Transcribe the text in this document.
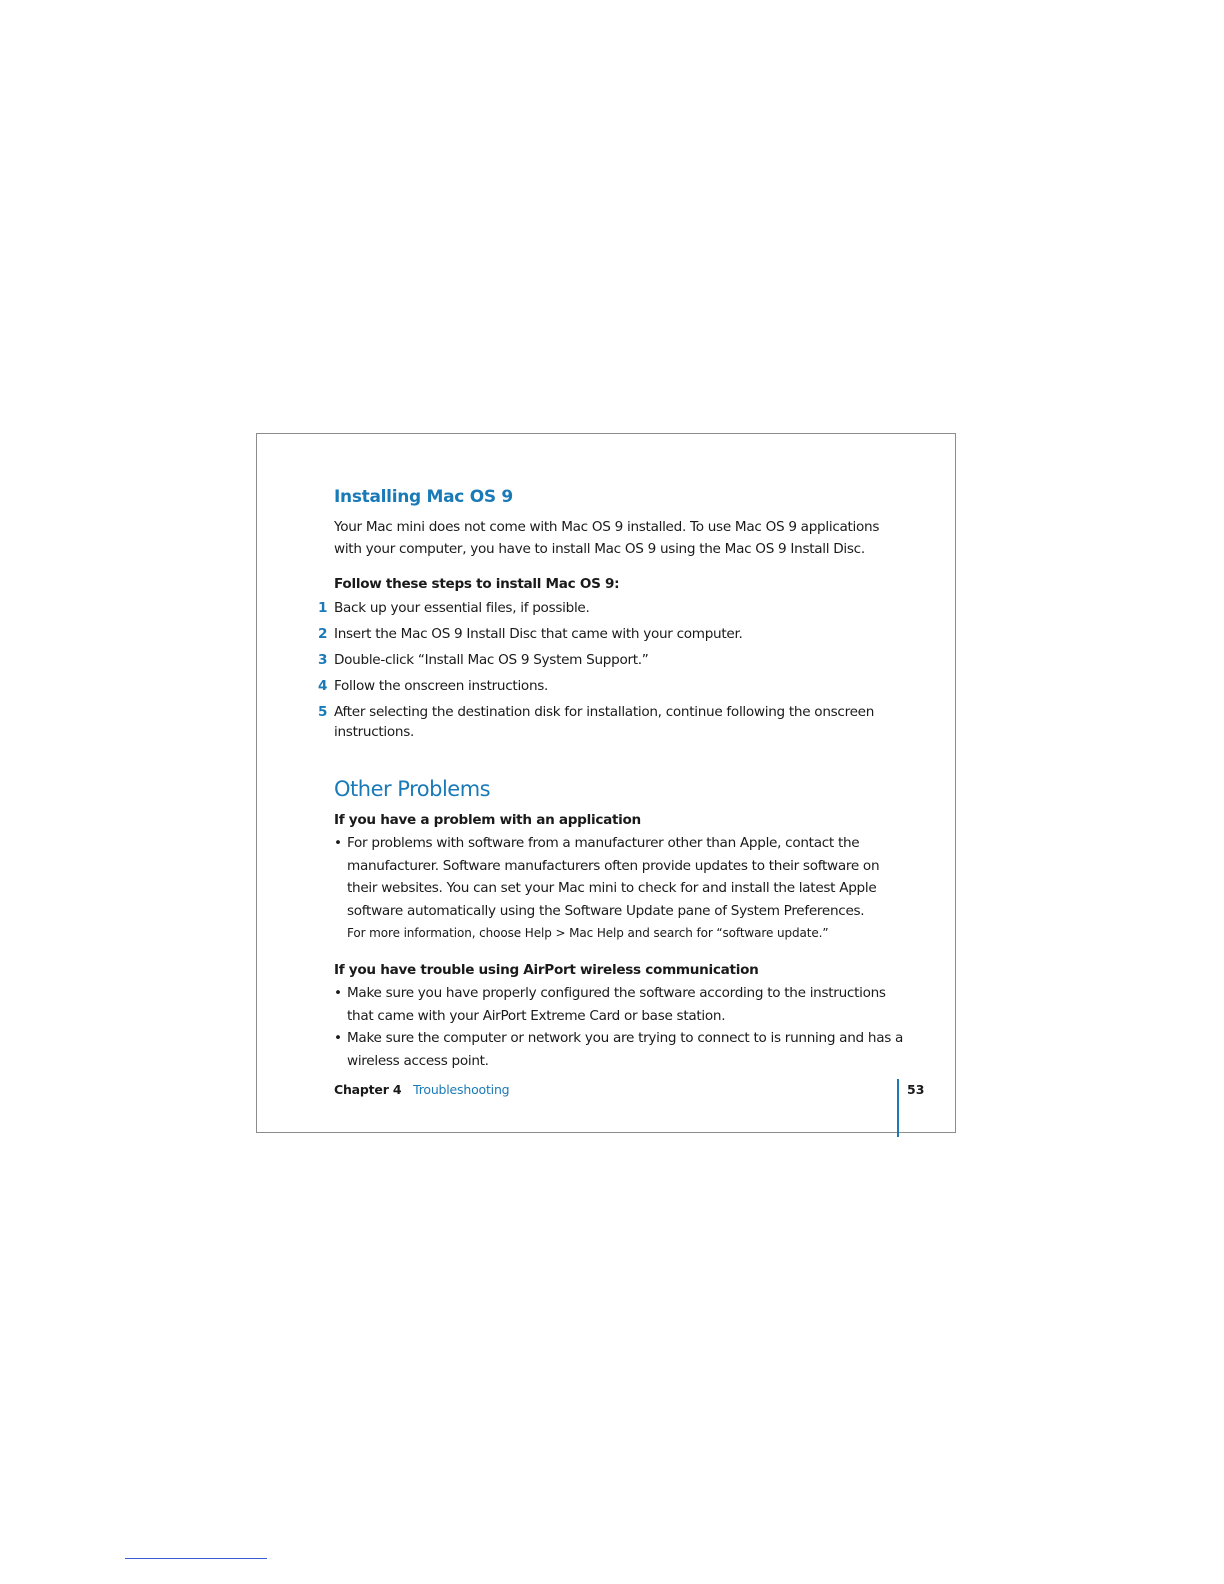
Installing Mac OS 9

Your Mac mini does not come with Mac OS 9 installed. To use Mac OS 9 applications with your computer, you have to install Mac OS 9 using the Mac OS 9 Install Disc.

Follow these steps to install Mac OS 9:

1 Back up your essential files, if possible.
2 Insert the Mac OS 9 Install Disc that came with your computer.
3 Double-click “Install Mac OS 9 System Support.”
4 Follow the onscreen instructions.
5 After selecting the destination disk for installation, continue following the onscreen instructions.
Other Problems

If you have a problem with an application

• For problems with software from a manufacturer other than Apple, contact the manufacturer. Software manufacturers often provide updates to their software on their websites. You can set your Mac mini to check for and install the latest Apple software automatically using the Software Update pane of System Preferences.
For more information, choose Help > Mac Help and search for “software update.”

If you have trouble using AirPort wireless communication

• Make sure you have properly configured the software according to the instructions that came with your AirPort Extreme Card or base station.
• Make sure the computer or network you are trying to connect to is running and has a wireless access point.
Chapter 4 Troubleshooting	53
